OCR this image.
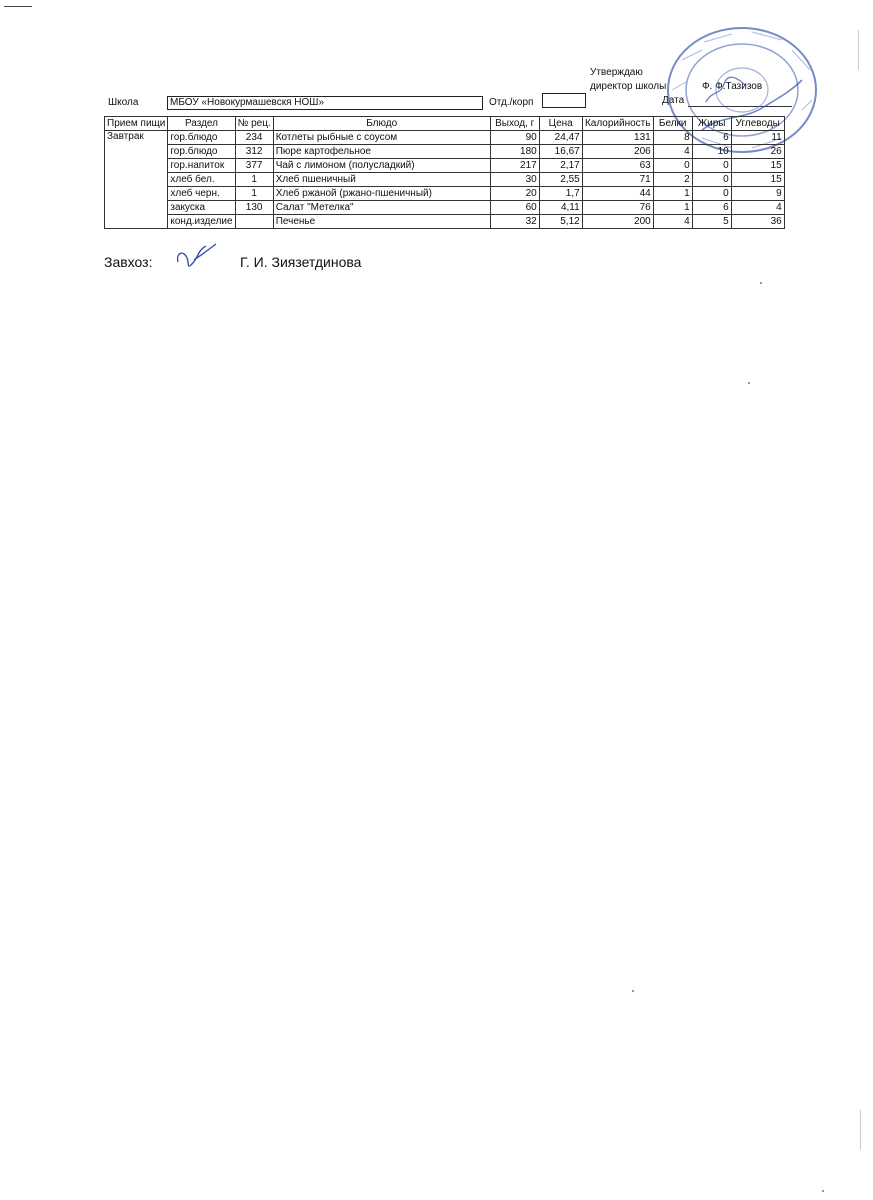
Утверждаю
директор школы	Ф. Ф.Тазизов
Дата
Школа	МБОУ «Новокурмашевскя НОШ»	Отд./корп
Прием пищи	Раздел	№ рец.	Блюдо	Выход, г	Цена	Калорийность	Белки	Жиры	Углеводы
Завтрак	гор.блюдо	234	Котлеты рыбные с соусом	90	24,47	131	8	6	11
	гор.блюдо	312	Пюре картофельное	180	16,67	206	4	10	26
	гор.напиток	377	Чай с лимоном (полусладкий)	217	2,17	63	0	0	15
	хлеб бел.	1	Хлеб пшеничный	30	2,55	71	2	0	15
	хлеб черн.	1	Хлеб ржаной (ржано-пшеничный)	20	1,7	44	1	0	9
	закуска	130	Салат "Метелка"	60	4,11	76	1	6	4
	конд.изделие		Печенье	32	5,12	200	4	5	36
Завхоз:	Г. И. Зиязетдинова
